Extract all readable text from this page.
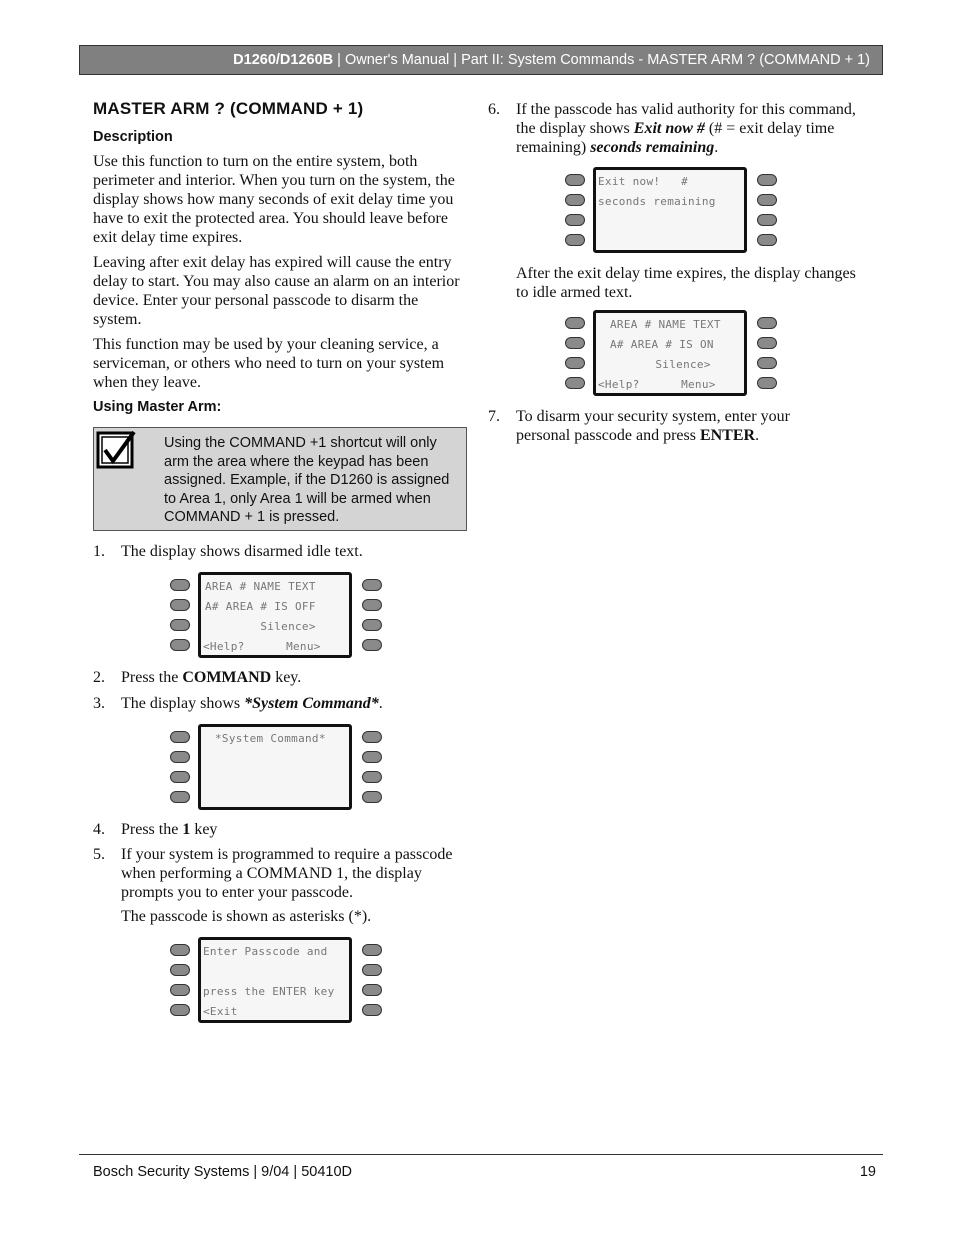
D1260/D1260B | Owner's Manual | Part II: System Commands - MASTER ARM ? (COMMAND + 1)
MASTER ARM ? (COMMAND + 1)
Description

Use this function to turn on the entire system, both perimeter and interior. When you turn on the system, the display shows how many seconds of exit delay time you have to exit the protected area. You should leave before exit delay time expires.

Leaving after exit delay has expired will cause the entry delay to start. You may also cause an alarm on an interior device. Enter your personal passcode to disarm the system.

This function may be used by your cleaning service, a serviceman, or others who need to turn on your system when they leave.

Using Master Arm:
Using the COMMAND +1 shortcut will only arm the area where the keypad has been assigned. Example, if the D1260 is assigned to Area 1, only Area 1 will be armed when COMMAND + 1 is pressed.
1. The display shows disarmed idle text.
AREA # NAME TEXT
A# AREA # IS OFF
Silence>
<Help?      Menu>
2. Press the COMMAND key.
3. The display shows *System Command*.
*System Command*
4. Press the 1 key
5. If your system is programmed to require a passcode when performing a COMMAND 1, the display prompts you to enter your passcode.
The passcode is shown as asterisks (*).
Enter Passcode and
press the ENTER key
<Exit
6. If the passcode has valid authority for this command, the display shows Exit now # (# = exit delay time remaining) seconds remaining.
Exit now!   #
seconds remaining
After the exit delay time expires, the display changes to idle armed text.
AREA # NAME TEXT
A# AREA # IS ON
Silence>
<Help?      Menu>
7. To disarm your security system, enter your personal passcode and press ENTER.
Bosch Security Systems | 9/04 | 50410D	19
